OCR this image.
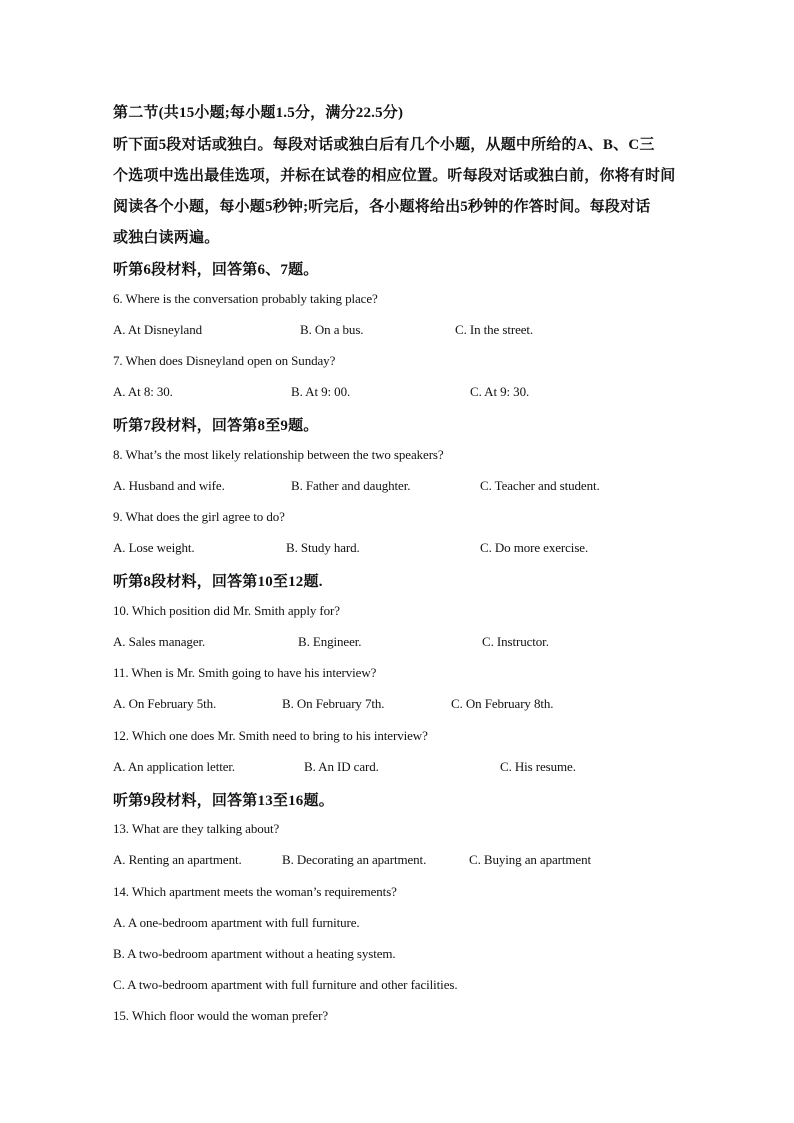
第二节(共15小题;每小题1.5分，满分22.5分)

听下面5段对话或独白。每段对话或独白后有几个小题，从题中所给的A、B、C三

个选项中选出最佳选项，并标在试卷的相应位置。听每段对话或独白前，你将有时间

阅读各个小题，每小题5秒钟;听完后，各小题将给出5秒钟的作答时间。每段对话

或独白读两遍。

听第6段材料，回答第6、7题。

6. Where is the conversation probably taking place?

A. At Disneyland	B. On a bus.	C. In the street.

7. When does Disneyland open on Sunday?

A. At 8: 30.	B. At 9: 00.	C. At 9: 30.

听第7段材料，回答第8至9题。

8. What’s the most likely relationship between the two speakers?

A. Husband and wife.	B. Father and daughter.	C. Teacher and student.

9. What does the girl agree to do?

A. Lose weight.	B. Study hard.	C. Do more exercise.

听第8段材料，回答第10至12题.

10. Which position did Mr. Smith apply for?

A. Sales manager.	B. Engineer.	C. Instructor.

11. When is Mr. Smith going to have his interview?

A. On February 5th.	B. On February 7th.	C. On February 8th.

12. Which one does Mr. Smith need to bring to his interview?

A. An application letter.	B. An ID card.	C. His resume.

听第9段材料，回答第13至16题。

13. What are they talking about?

A. Renting an apartment.	B. Decorating an apartment.	C. Buying an apartment

14. Which apartment meets the woman’s requirements?

A. A one-bedroom apartment with full furniture.

B. A two-bedroom apartment without a heating system.

C. A two-bedroom apartment with full furniture and other facilities.

15. Which floor would the woman prefer?
